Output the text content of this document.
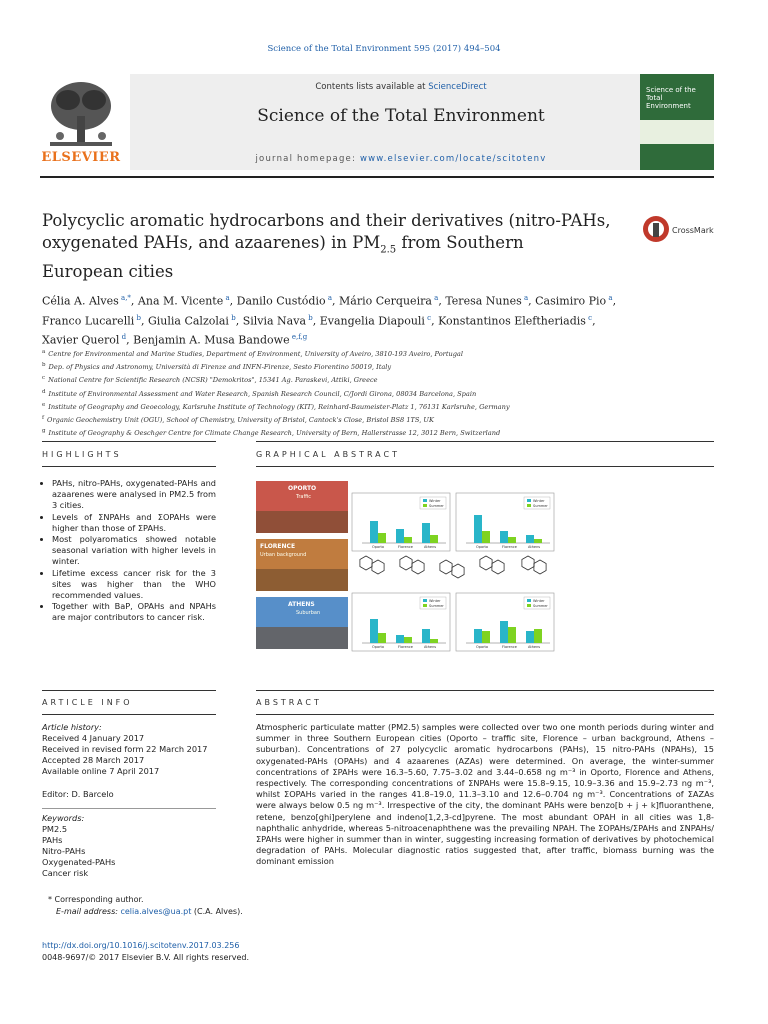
Science of the Total Environment 595 (2017) 494–504
ELSEVIER
Contents lists available at ScienceDirect
Science of the Total Environment
journal homepage: www.elsevier.com/locate/scitotenv
Science of the Total Environment
Polycyclic aromatic hydrocarbons and their derivatives (nitro-PAHs,
oxygenated PAHs, and azaarenes) in $PM_{2.5}$ from Southern
European cities
CrossMark
Célia A. Alves $^{a,*}$, Ana M. Vicente $^a$, Danilo Custódio $^a$, Mário Cerqueira $^a$, Teresa Nunes $^a$, Casimiro Pio $^a$,
Franco Lucarelli $^b$, Giulia Calzolai $^b$, Silvia Nava $^b$, Evangelia Diapouli $^c$, Konstantinos Eleftheriadis $^c$,
Xavier Querol $^d$, Benjamin A. Musa Bandowe $^{e,f,g}$
$^a$ Centre for Environmental and Marine Studies, Department of Environment, University of Aveiro, 3810-193 Aveiro, Portugal
$^b$ Dep. of Physics and Astronomy, Università di Firenze and INFN-Firenze, Sesto Fiorentino 50019, Italy
$^c$ National Centre for Scientific Research (NCSR) "Demokritos", 15341 Ag. Paraskevi, Attiki, Greece
$^d$ Institute of Environmental Assessment and Water Research, Spanish Research Council, C/Jordi Girona, 08034 Barcelona, Spain
$^e$ Institute of Geography and Geoecology, Karlsruhe Institute of Technology (KIT), Reinhard-Baumeister-Platz 1, 76131 Karlsruhe, Germany
$^f$ Organic Geochemistry Unit (OGU), School of Chemistry, University of Bristol, Cantock's Close, Bristol BS8 1TS, UK
$^g$ Institute of Geography & Oeschger Centre for Climate Change Research, University of Bern, Hallerstrasse 12, 3012 Bern, Switzerland
HIGHLIGHTS	GRAPHICAL ABSTRACT
• PAHs, nitro-PAHs, oxygenated-PAHs and azaarenes were analysed in PM2.5 from 3 cities.
• Levels of ΣNPAHs and ΣOPAHs were higher than those of ΣPAHs.
• Most polyaromatics showed notable seasonal variation with higher levels in winter.
• Lifetime excess cancer risk for the 3 sites was higher than the WHO recommended values.
• Together with BaP, OPAHs and NPAHs are major contributors to cancer risk.
OPORTO
Traffic
FLORENCE
Urban background
ATHENS
Suburban
Winter
Summer
Oporto	Florence	Athens
Winter
Summer
Oporto	Florence	Athens
Winter
Summer
Oporto	Florence	Athens
Winter
Summer
Oporto	Florence	Athens
ARTICLE INFO	ABSTRACT
Article history:
Received 4 January 2017
Received in revised form 22 March 2017
Accepted 28 March 2017
Available online 7 April 2017
Editor: D. Barcelo
Keywords:
PM2.5
PAHs
Nitro-PAHs
Oxygenated-PAHs
Cancer risk
Atmospheric particulate matter (PM2.5) samples were collected over two one month periods during winter and summer in three Southern European cities (Oporto – traffic site, Florence – urban background, Athens – suburban). Concentrations of 27 polycyclic aromatic hydrocarbons (PAHs), 15 nitro-PAHs (NPAHs), 15 oxygenated-PAHs (OPAHs) and 4 azaarenes (AZAs) were determined. On average, the winter-summer concentrations of ΣPAHs were 16.3–5.60, 7.75–3.02 and 3.44–0.658 ng m⁻³ in Oporto, Florence and Athens, respectively. The corresponding concentrations of ΣNPAHs were 15.8–9.15, 10.9–3.36 and 15.9–2.73 ng m⁻³, whilst ΣOPAHs varied in the ranges 41.8–19.0, 11.3–3.10 and 12.6–0.704 ng m⁻³. Concentrations of ΣAZAs were always below 0.5 ng m⁻³. Irrespective of the city, the dominant PAHs were benzo[b + j + k]fluoranthene, retene, benzo[ghi]perylene and indeno[1,2,3-cd]pyrene. The most abundant OPAH in all cities was 1,8-naphthalic anhydride, whereas 5-nitroacenaphthene was the prevailing NPAH. The ΣOPAHs/ΣPAHs and ΣNPAHs/ΣPAHs were higher in summer than in winter, suggesting increasing formation of derivatives by photochemical degradation of PAHs. Molecular diagnostic ratios suggested that, after traffic, biomass burning was the dominant emission
* Corresponding author.
E-mail address: celia.alves@ua.pt (C.A. Alves).
http://dx.doi.org/10.1016/j.scitotenv.2017.03.256
0048-9697/© 2017 Elsevier B.V. All rights reserved.
